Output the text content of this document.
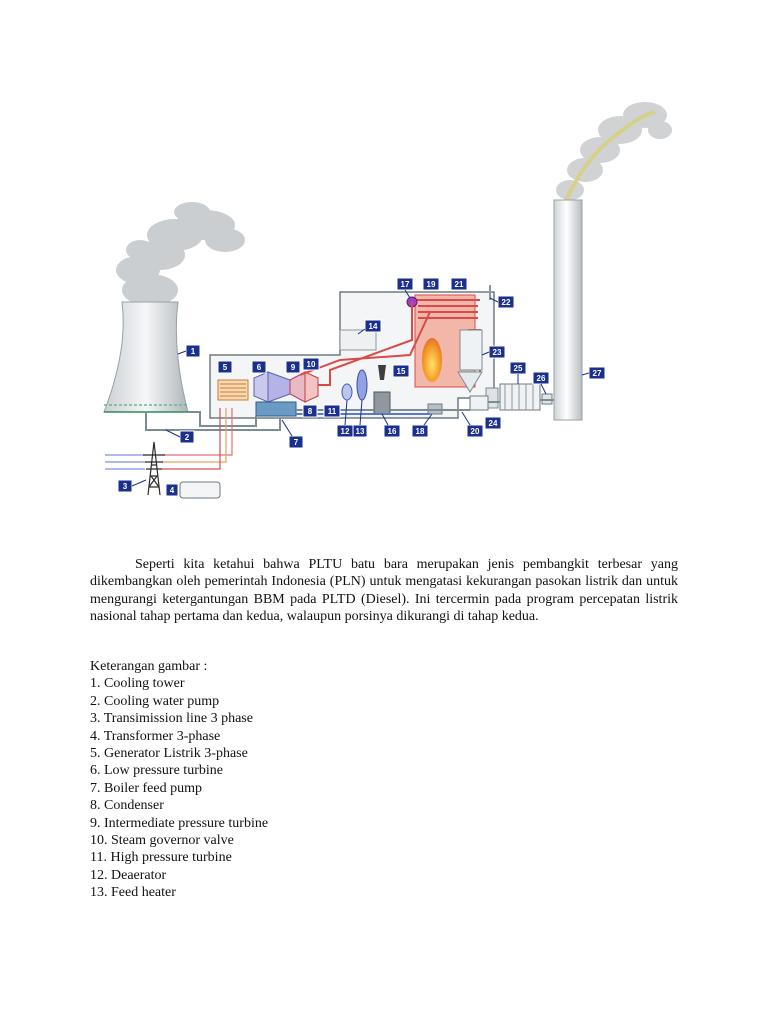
1
2
3	4
5	6
7
8
9 10
11
12 13
14
15
16
17
18
19
20
21
22
23
24
25
26
27

Seperti kita ketahui bahwa PLTU batu bara merupakan jenis pembangkit terbesar yang dikembangkan oleh pemerintah Indonesia (PLN) untuk mengatasi kekurangan pasokan listrik dan untuk mengurangi ketergantungan BBM pada PLTD (Diesel). Ini tercermin pada program percepatan listrik nasional tahap pertama dan kedua, walaupun porsinya dikurangi di tahap kedua.

Keterangan gambar :
1. Cooling tower
2. Cooling water pump
3. Transimission line 3 phase
4. Transformer 3-phase
5. Generator Listrik 3-phase
6. Low pressure turbine
7. Boiler feed pump
8. Condenser
9. Intermediate pressure turbine
10. Steam governor valve
11. High pressure turbine
12. Deaerator
13. Feed heater
